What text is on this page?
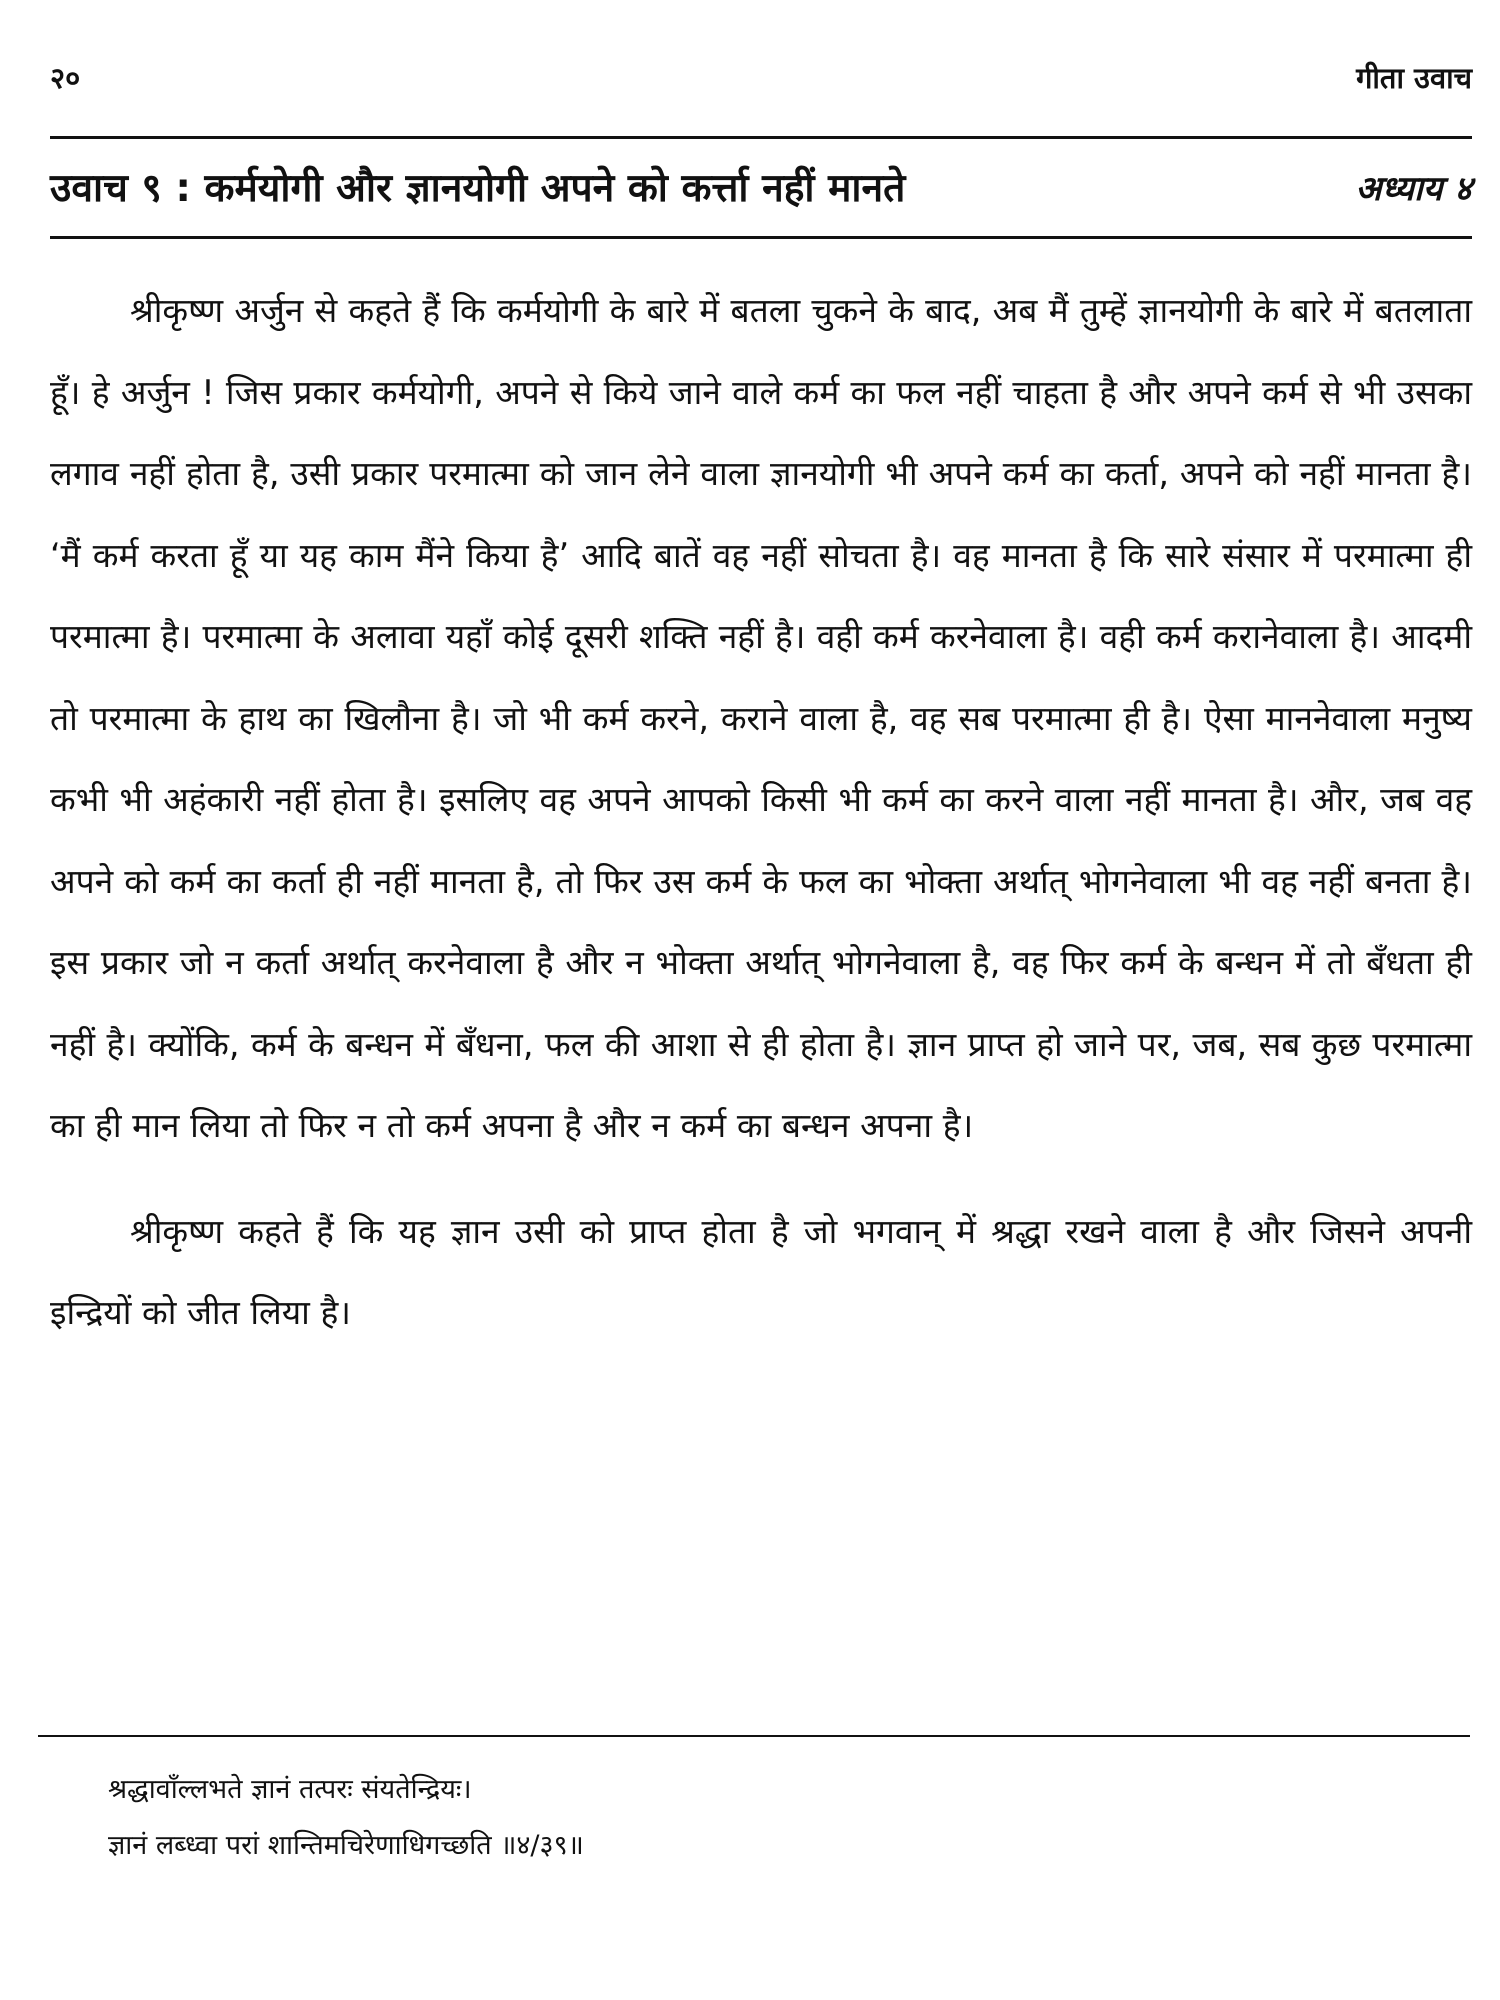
२०	गीता उवाच
उवाच ९ : कर्मयोगी और ज्ञानयोगी अपने को कर्त्ता नहीं मानते	अध्याय ४

श्रीकृष्ण अर्जुन से कहते हैं कि कर्मयोगी के बारे में बतला चुकने के बाद, अब मैं तुम्हें ज्ञानयोगी के बारे में बतलाता हूँ। हे अर्जुन ! जिस प्रकार कर्मयोगी, अपने से किये जाने वाले कर्म का फल नहीं चाहता है और अपने कर्म से भी उसका लगाव नहीं होता है, उसी प्रकार परमात्मा को जान लेने वाला ज्ञानयोगी भी अपने कर्म का कर्ता, अपने को नहीं मानता है। ‘मैं कर्म करता हूँ या यह काम मैंने किया है’ आदि बातें वह नहीं सोचता है। वह मानता है कि सारे संसार में परमात्मा ही परमात्मा है। परमात्मा के अलावा यहाँ कोई दूसरी शक्ति नहीं है। वही कर्म करनेवाला है। वही कर्म करानेवाला है। आदमी तो परमात्मा के हाथ का खिलौना है। जो भी कर्म करने, कराने वाला है, वह सब परमात्मा ही है। ऐसा माननेवाला मनुष्य कभी भी अहंकारी नहीं होता है। इसलिए वह अपने आपको किसी भी कर्म का करने वाला नहीं मानता है। और, जब वह अपने को कर्म का कर्ता ही नहीं मानता है, तो फिर उस कर्म के फल का भोक्ता अर्थात् भोगनेवाला भी वह नहीं बनता है। इस प्रकार जो न कर्ता अर्थात् करनेवाला है और न भोक्ता अर्थात् भोगनेवाला है, वह फिर कर्म के बन्धन में तो बँधता ही नहीं है। क्योंकि, कर्म के बन्धन में बँधना, फल की आशा से ही होता है। ज्ञान प्राप्त हो जाने पर, जब, सब कुछ परमात्मा का ही मान लिया तो फिर न तो कर्म अपना है और न कर्म का बन्धन अपना है।

श्रीकृष्ण कहते हैं कि यह ज्ञान उसी को प्राप्त होता है जो भगवान् में श्रद्धा रखने वाला है और जिसने अपनी इन्द्रियों को जीत लिया है।

श्रद्धावाँल्लभते ज्ञानं तत्परः संयतेन्द्रियः।
ज्ञानं लब्ध्वा परां शान्तिमचिरेणाधिगच्छति ॥४/३९॥
